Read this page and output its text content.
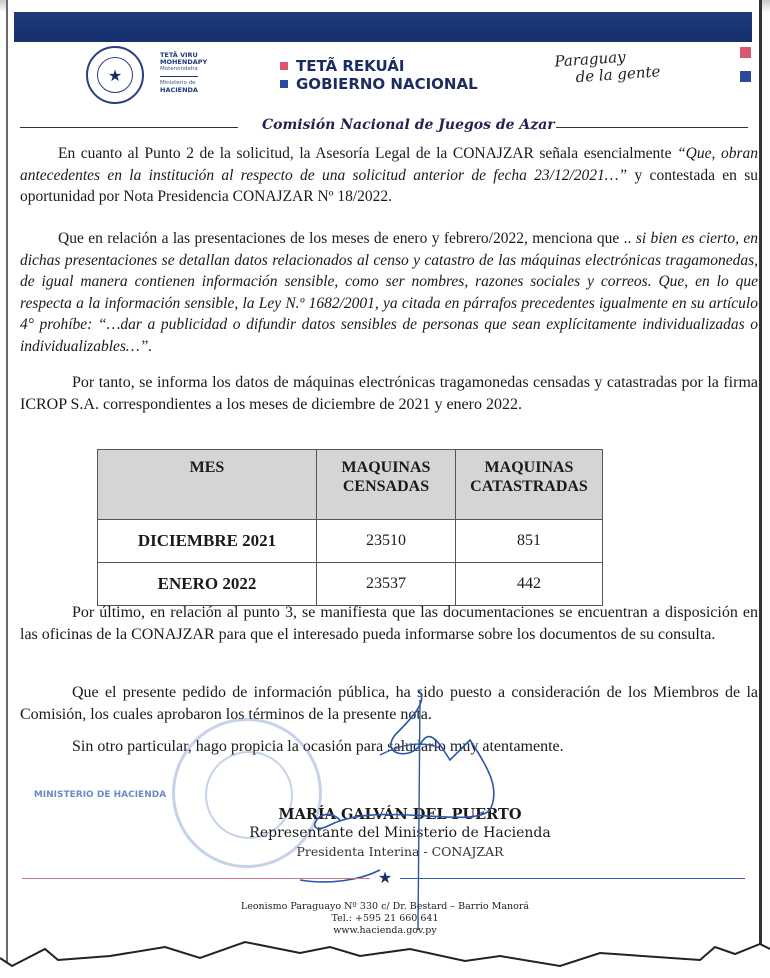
★
TETÃ VIRU
MOHENDAPY
Motenondeha
Ministerio de
HACIENDA
TETÃ REKUÁI
GOBIERNO NACIONAL
Paraguay
de la gente
Comisión Nacional de Juegos de Azar
En cuanto al Punto 2 de la solicitud, la Asesoría Legal de la CONAJZAR señala esencialmente “Que, obran antecedentes en la institución al respecto de una solicitud anterior de fecha 23/12/2021…” y contestada en su oportunidad por Nota Presidencia CONAJZAR Nº 18/2022.
Que en relación a las presentaciones de los meses de enero y febrero/2022, menciona que .. si bien es cierto, en dichas presentaciones se detallan datos relacionados al censo y catastro de las máquinas electrónicas tragamonedas, de igual manera contienen información sensible, como ser nombres, razones sociales y correos. Que, en lo que respecta a la información sensible, la Ley N.º 1682/2001, ya citada en párrafos precedentes igualmente en su artículo 4° prohíbe: “…dar a publicidad o difundir datos sensibles de personas que sean explícitamente individualizadas o individualizables…”.
Por tanto, se informa los datos de máquinas electrónicas tragamonedas censadas y catastradas por la firma ICROP S.A. correspondientes a los meses de diciembre de 2021 y enero 2022.
MES	MAQUINAS CENSADAS	MAQUINAS CATASTRADAS
DICIEMBRE 2021	23510	851
ENERO 2022	23537	442
Por último, en relación al punto 3, se manifiesta que las documentaciones se encuentran a disposición en las oficinas de la CONAJZAR para que el interesado pueda informarse sobre los documentos de su consulta.
Que el presente pedido de información pública, ha sido puesto a consideración de los Miembros de la Comisión, los cuales aprobaron los términos de la presente nota.
Sin otro particular, hago propicia la ocasión para saludarlo muy atentamente.
MINISTERIO DE HACIENDA
MARÍA GALVÁN DEL PUERTO
Representante del Ministerio de Hacienda
Presidenta Interina - CONAJZAR
★
Leonismo Paraguayo Nº 330 c/ Dr. Bestard – Barrio Manorá
Tel.: +595 21 660 641
www.hacienda.gov.py
